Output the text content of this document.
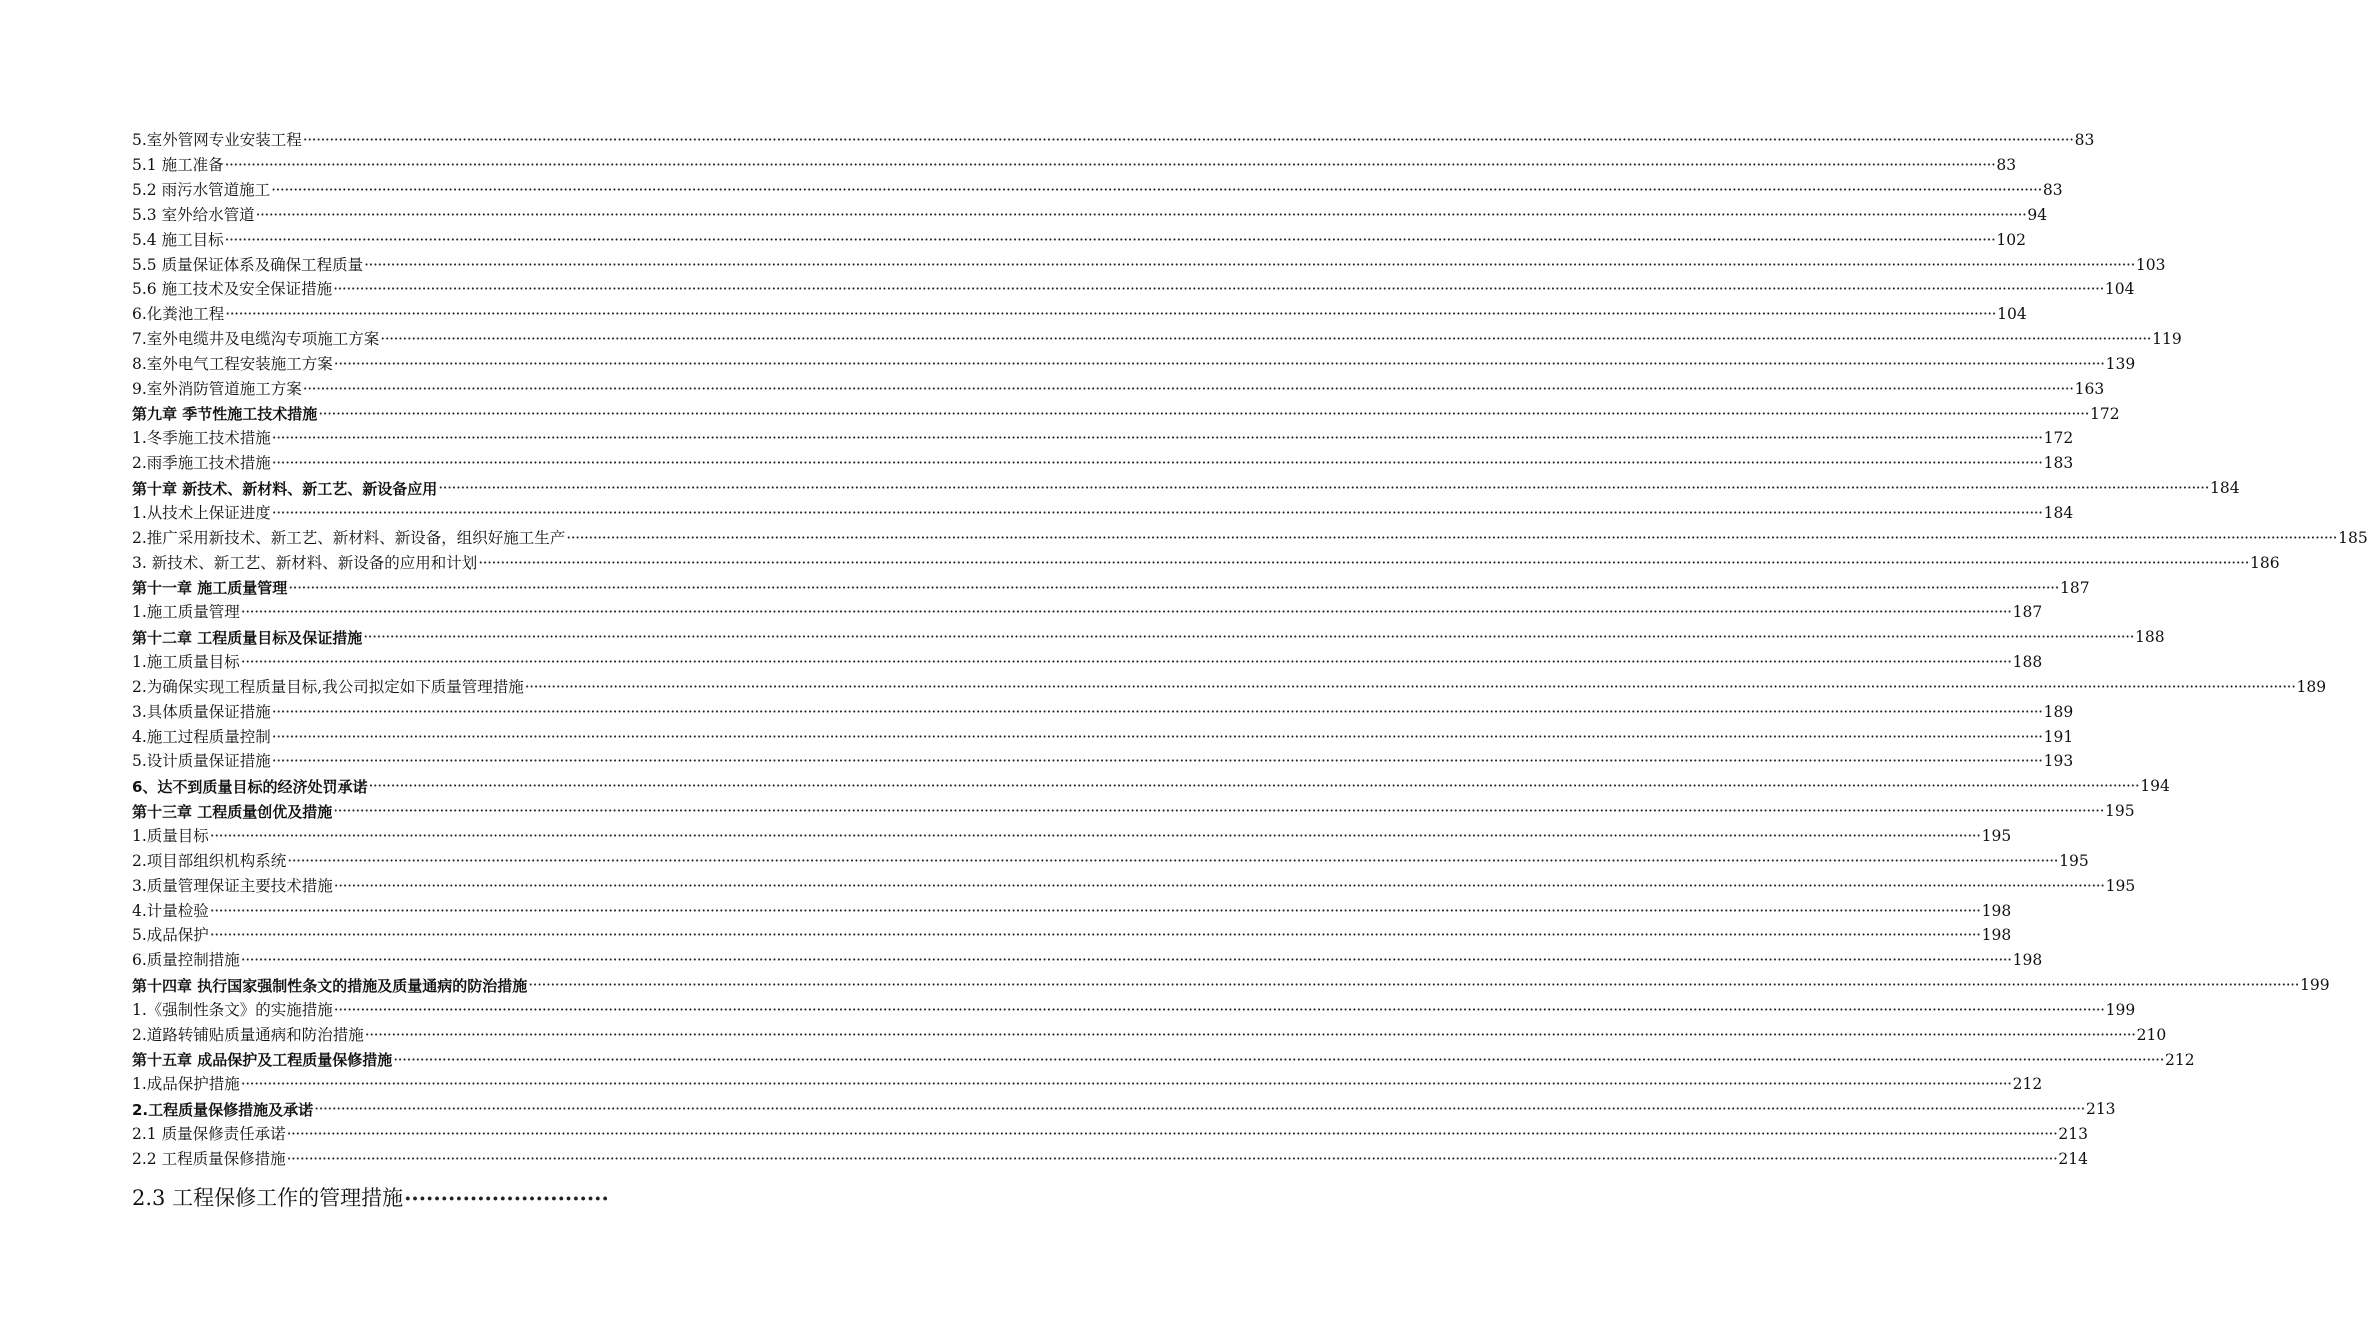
5.室外管网专业安装工程 ················································································································································································································································································································································································································ 83
5.1 施工准备 ················································································································································································································································································································································································································ 83
5.2 雨污水管道施工 ················································································································································································································································································································································································································ 83
5.3 室外给水管道 ················································································································································································································································································································································································································ 94
5.4 施工目标 ················································································································································································································································································································································································································ 102
5.5 质量保证体系及确保工程质量 ················································································································································································································································································································································································································ 103
5.6 施工技术及安全保证措施 ················································································································································································································································································································································································································ 104
6.化粪池工程 ················································································································································································································································································································································································································ 104
7.室外电缆井及电缆沟专项施工方案 ················································································································································································································································································································································································································ 119
8.室外电气工程安装施工方案 ················································································································································································································································································································································································································ 139
9.室外消防管道施工方案 ················································································································································································································································································································································································································ 163
第九章 季节性施工技术措施 ················································································································································································································································································································································································································ 172
1.冬季施工技术措施 ················································································································································································································································································································································································································ 172
2.雨季施工技术措施 ················································································································································································································································································································································································································ 183
第十章 新技术、新材料、新工艺、新设备应用 ················································································································································································································································································································································································································ 184
1.从技术上保证进度 ················································································································································································································································································································································································································ 184
2.推广采用新技术、新工艺、新材料、新设备，组织好施工生产 ················································································································································································································································································································································································································ 185
3. 新技术、新工艺、新材料、新设备的应用和计划 ················································································································································································································································································································································································································ 186
第十一章 施工质量管理 ················································································································································································································································································································································································································ 187
1.施工质量管理 ················································································································································································································································································································································································································ 187
第十二章 工程质量目标及保证措施 ················································································································································································································································································································································································································ 188
1.施工质量目标 ················································································································································································································································································································································································································ 188
2.为确保实现工程质量目标,我公司拟定如下质量管理措施 ················································································································································································································································································································································································································ 189
3.具体质量保证措施 ················································································································································································································································································································································································································ 189
4.施工过程质量控制 ················································································································································································································································································································································································································ 191
5.设计质量保证措施 ················································································································································································································································································································································································································ 193
6、达不到质量目标的经济处罚承诺 ················································································································································································································································································································································································································ 194
第十三章 工程质量创优及措施 ················································································································································································································································································································································································································ 195
1.质量目标 ················································································································································································································································································································································································································ 195
2.项目部组织机构系统 ················································································································································································································································································································································································································ 195
3.质量管理保证主要技术措施 ················································································································································································································································································································································································································ 195
4.计量检验 ················································································································································································································································································································································································································ 198
5.成品保护 ················································································································································································································································································································································································································ 198
6.质量控制措施 ················································································································································································································································································································································································································ 198
第十四章 执行国家强制性条文的措施及质量通病的防治措施 ················································································································································································································································································································································································································ 199
1.《强制性条文》的实施措施 ················································································································································································································································································································································································································ 199
2.道路转铺贴质量通病和防治措施 ················································································································································································································································································································································································································ 210
第十五章 成品保护及工程质量保修措施 ················································································································································································································································································································································································································ 212
1.成品保护措施 ················································································································································································································································································································································································································ 212
2.工程质量保修措施及承诺 ················································································································································································································································································································································································································ 213
2.1 质量保修责任承诺 ················································································································································································································································································································································································································ 213
2.2 工程质量保修措施 ················································································································································································································································································································································································································ 214
2.3 工程保修工作的管理措施 ····························
